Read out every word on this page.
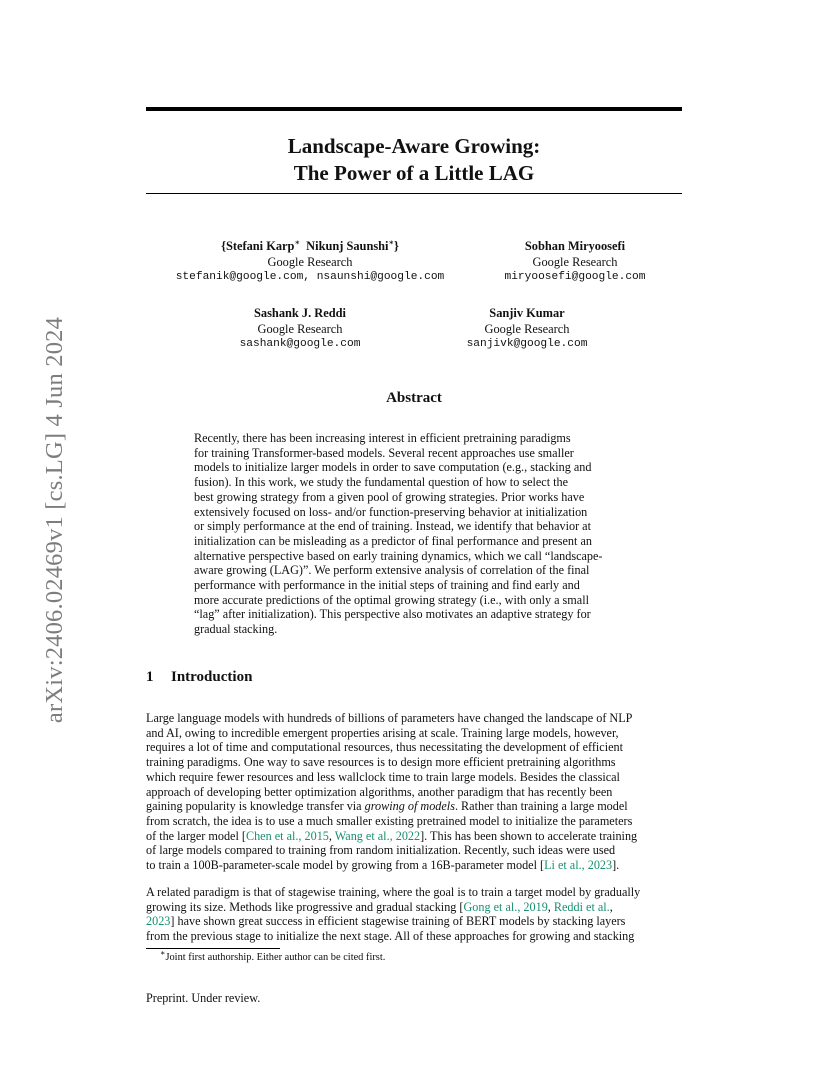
arXiv:2406.02469v1 [cs.LG] 4 Jun 2024
Landscape-Aware Growing:
The Power of a Little LAG
{Stefani Karp∗  Nikunj Saunshi∗}
Google Research
stefanik@google.com, nsaunshi@google.com
Sobhan Miryoosefi
Google Research
miryoosefi@google.com
Sashank J. Reddi
Google Research
sashank@google.com
Sanjiv Kumar
Google Research
sanjivk@google.com
Abstract
Recently, there has been increasing interest in efficient pretraining paradigms
for training Transformer-based models. Several recent approaches use smaller
models to initialize larger models in order to save computation (e.g., stacking and
fusion). In this work, we study the fundamental question of how to select the
best growing strategy from a given pool of growing strategies. Prior works have
extensively focused on loss- and/or function-preserving behavior at initialization
or simply performance at the end of training. Instead, we identify that behavior at
initialization can be misleading as a predictor of final performance and present an
alternative perspective based on early training dynamics, which we call “landscape-
aware growing (LAG)”. We perform extensive analysis of correlation of the final
performance with performance in the initial steps of training and find early and
more accurate predictions of the optimal growing strategy (i.e., with only a small
“lag” after initialization). This perspective also motivates an adaptive strategy for
gradual stacking.
1 Introduction
Large language models with hundreds of billions of parameters have changed the landscape of NLP
and AI, owing to incredible emergent properties arising at scale. Training large models, however,
requires a lot of time and computational resources, thus necessitating the development of efficient
training paradigms. One way to save resources is to design more efficient pretraining algorithms
which require fewer resources and less wallclock time to train large models. Besides the classical
approach of developing better optimization algorithms, another paradigm that has recently been
gaining popularity is knowledge transfer via growing of models. Rather than training a large model
from scratch, the idea is to use a much smaller existing pretrained model to initialize the parameters
of the larger model [Chen et al., 2015, Wang et al., 2022]. This has been shown to accelerate training
of large models compared to training from random initialization. Recently, such ideas were used
to train a 100B-parameter-scale model by growing from a 16B-parameter model [Li et al., 2023].
A related paradigm is that of stagewise training, where the goal is to train a target model by gradually
growing its size. Methods like progressive and gradual stacking [Gong et al., 2019, Reddi et al.,
2023] have shown great success in efficient stagewise training of BERT models by stacking layers
from the previous stage to initialize the next stage. All of these approaches for growing and stacking
∗Joint first authorship. Either author can be cited first.
Preprint. Under review.
